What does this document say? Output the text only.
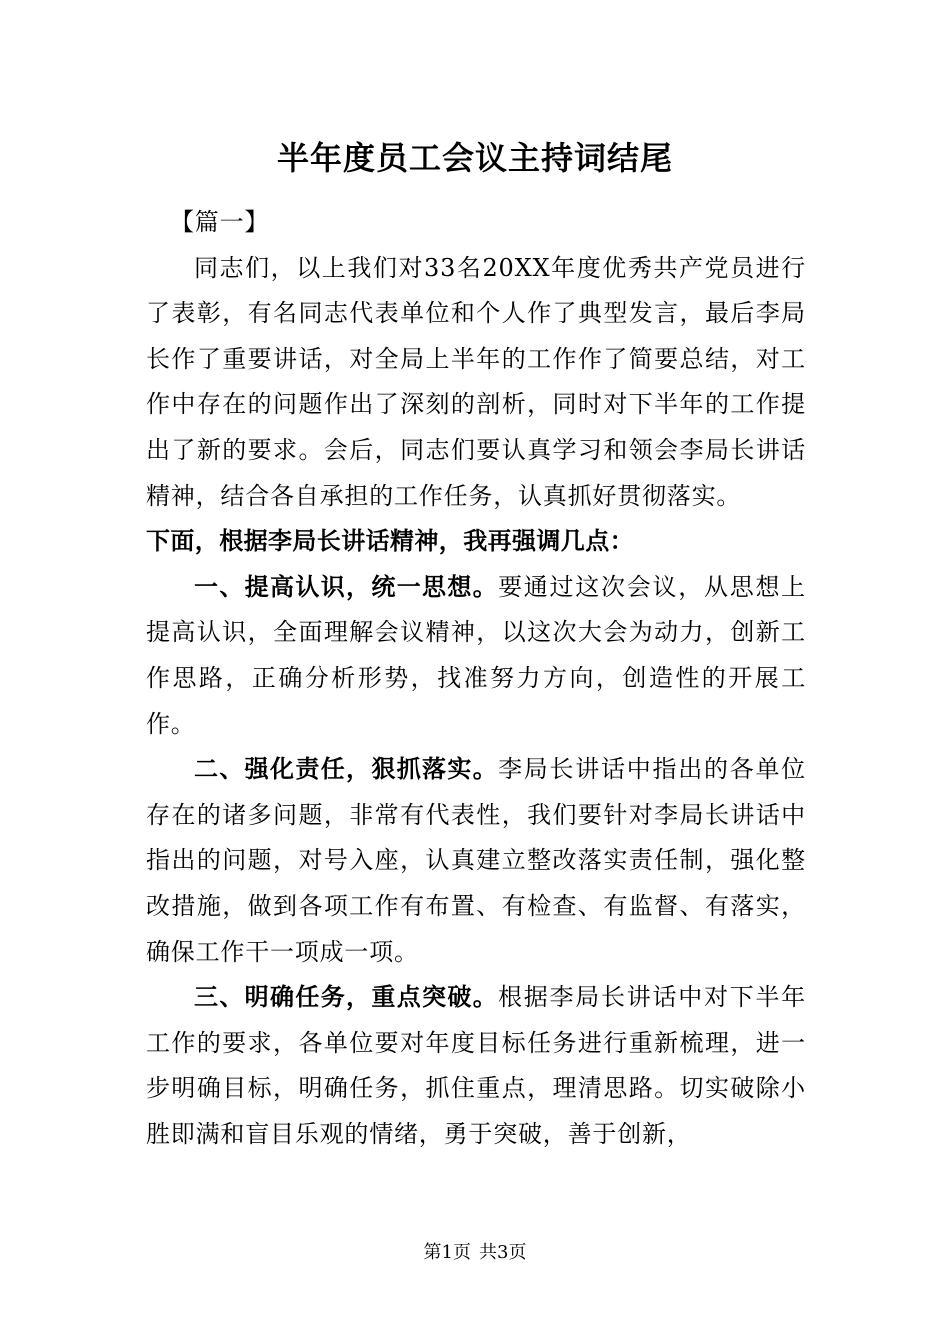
半年度员工会议主持词结尾

【篇一】

同志们，以上我们对33名20XX年度优秀共产党员进行了表彰，有名同志代表单位和个人作了典型发言，最后李局长作了重要讲话，对全局上半年的工作作了简要总结，对工作中存在的问题作出了深刻的剖析，同时对下半年的工作提出了新的要求。会后，同志们要认真学习和领会李局长讲话精神，结合各自承担的工作任务，认真抓好贯彻落实。

下面，根据李局长讲话精神，我再强调几点：

一、提高认识，统一思想。要通过这次会议，从思想上提高认识，全面理解会议精神，以这次大会为动力，创新工作思路，正确分析形势，找准努力方向，创造性的开展工作。

二、强化责任，狠抓落实。李局长讲话中指出的各单位存在的诸多问题，非常有代表性，我们要针对李局长讲话中指出的问题，对号入座，认真建立整改落实责任制，强化整改措施，做到各项工作有布置、有检查、有监督、有落实，确保工作干一项成一项。

三、明确任务，重点突破。根据李局长讲话中对下半年工作的要求，各单位要对年度目标任务进行重新梳理，进一步明确目标，明确任务，抓住重点，理清思路。切实破除小胜即满和盲目乐观的情绪，勇于突破，善于创新，

第1页 共3页
